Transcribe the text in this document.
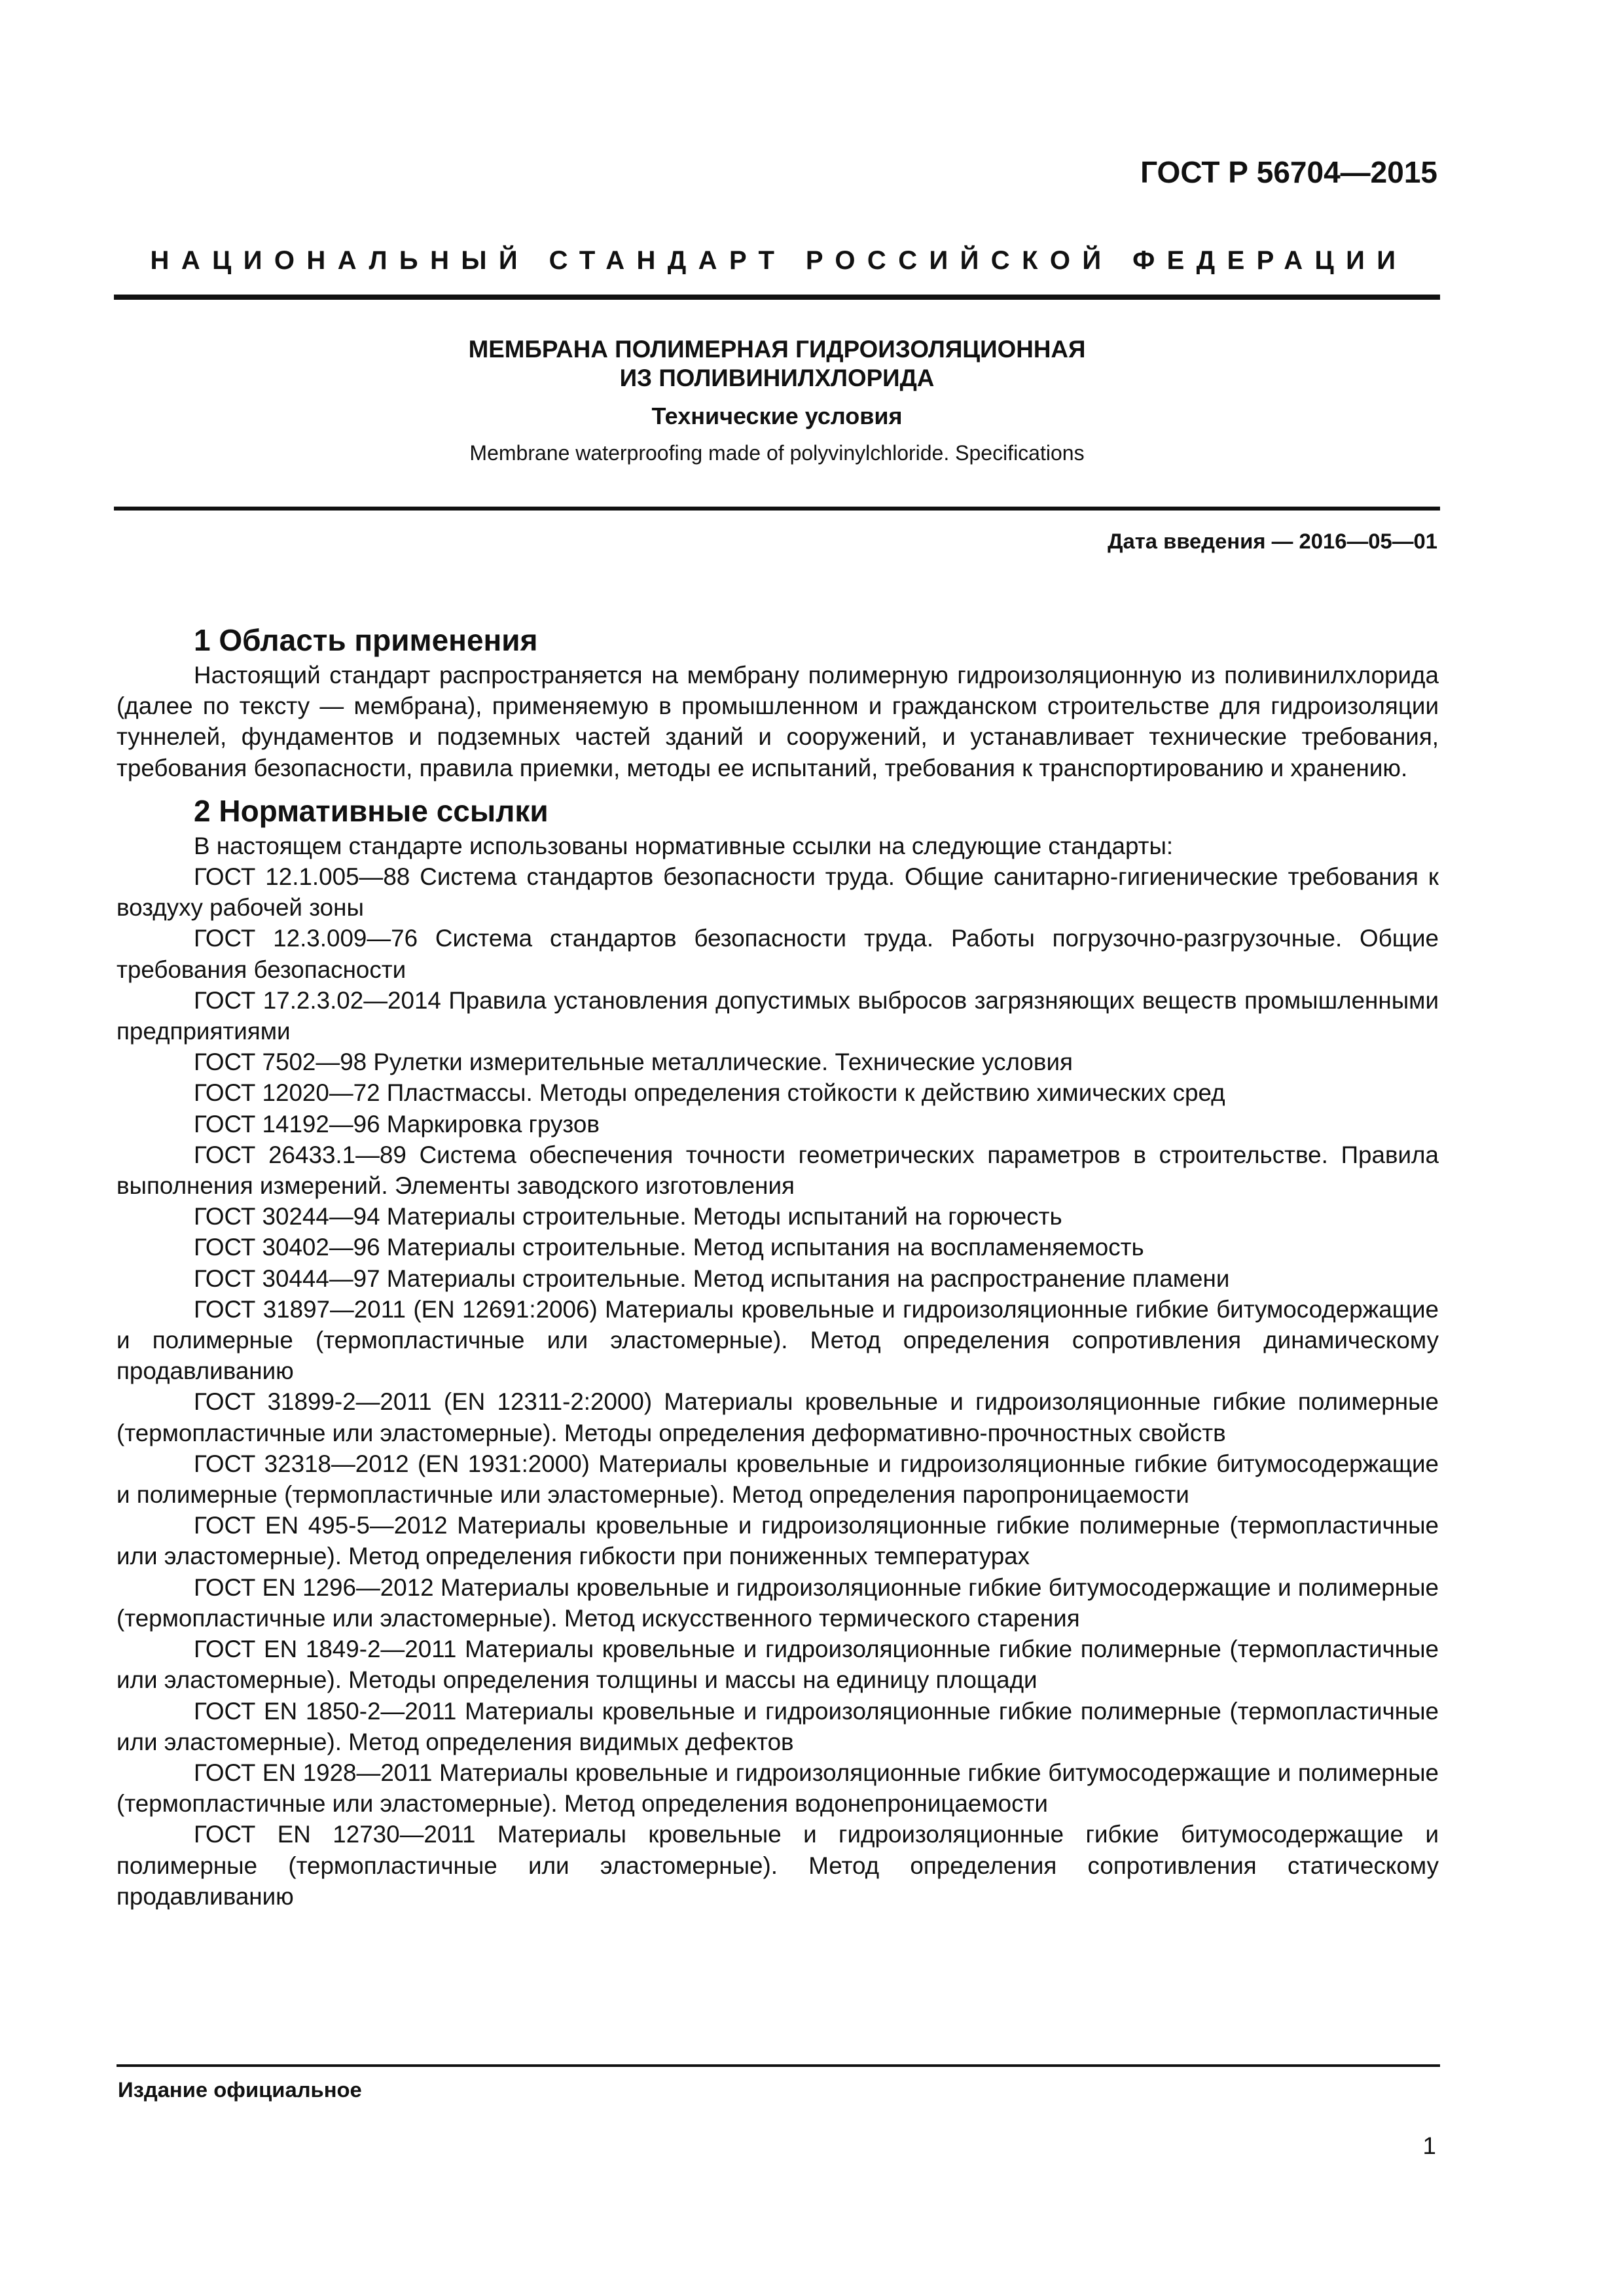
ГОСТ Р 56704—2015
НАЦИОНАЛЬНЫЙ СТАНДАРТ РОССИЙСКОЙ ФЕДЕРАЦИИ
МЕМБРАНА ПОЛИМЕРНАЯ ГИДРОИЗОЛЯЦИОННАЯ
ИЗ ПОЛИВИНИЛХЛОРИДА
Технические условия
Membrane waterproofing made of polyvinylchloride. Specifications
Дата введения — 2016—05—01
1 Область применения

Настоящий стандарт распространяется на мембрану полимерную гидроизоляционную из поливинилхлорида (далее по тексту — мембрана), применяемую в промышленном и гражданском строительстве для гидроизоляции туннелей, фундаментов и подземных частей зданий и сооружений, и устанавливает технические требования, требования безопасности, правила приемки, методы ее испытаний, требования к транспортированию и хранению.

2 Нормативные ссылки

В настоящем стандарте использованы нормативные ссылки на следующие стандарты:

ГОСТ 12.1.005—88 Система стандартов безопасности труда. Общие санитарно-гигиенические требования к воздуху рабочей зоны

ГОСТ 12.3.009—76 Система стандартов безопасности труда. Работы погрузочно-разгрузочные. Общие требования безопасности

ГОСТ 17.2.3.02—2014 Правила установления допустимых выбросов загрязняющих веществ промышленными предприятиями

ГОСТ 7502—98 Рулетки измерительные металлические. Технические условия

ГОСТ 12020—72 Пластмассы. Методы определения стойкости к действию химических сред

ГОСТ 14192—96 Маркировка грузов

ГОСТ 26433.1—89 Система обеспечения точности геометрических параметров в строительстве. Правила выполнения измерений. Элементы заводского изготовления

ГОСТ 30244—94 Материалы строительные. Методы испытаний на горючесть

ГОСТ 30402—96 Материалы строительные. Метод испытания на воспламеняемость

ГОСТ 30444—97 Материалы строительные. Метод испытания на распространение пламени

ГОСТ 31897—2011 (EN 12691:2006) Материалы кровельные и гидроизоляционные гибкие битумосодержащие и полимерные (термопластичные или эластомерные). Метод определения сопротивления динамическому продавливанию

ГОСТ 31899-2—2011 (EN 12311-2:2000) Материалы кровельные и гидроизоляционные гибкие полимерные (термопластичные или эластомерные). Методы определения деформативно-прочностных свойств

ГОСТ 32318—2012 (EN 1931:2000) Материалы кровельные и гидроизоляционные гибкие битумосодержащие и полимерные (термопластичные или эластомерные). Метод определения паропроницаемости

ГОСТ EN 495-5—2012 Материалы кровельные и гидроизоляционные гибкие полимерные (термопластичные или эластомерные). Метод определения гибкости при пониженных температурах

ГОСТ EN 1296—2012 Материалы кровельные и гидроизоляционные гибкие битумосодержащие и полимерные (термопластичные или эластомерные). Метод искусственного термического старения

ГОСТ EN 1849-2—2011 Материалы кровельные и гидроизоляционные гибкие полимерные (термопластичные или эластомерные). Методы определения толщины и массы на единицу площади

ГОСТ EN 1850-2—2011 Материалы кровельные и гидроизоляционные гибкие полимерные (термопластичные или эластомерные). Метод определения видимых дефектов

ГОСТ EN 1928—2011 Материалы кровельные и гидроизоляционные гибкие битумосодержащие и полимерные (термопластичные или эластомерные). Метод определения водонепроницаемости

ГОСТ EN 12730—2011 Материалы кровельные и гидроизоляционные гибкие битумосодержащие и полимерные (термопластичные или эластомерные). Метод определения сопротивления статическому продавливанию

Издание официальное
1
